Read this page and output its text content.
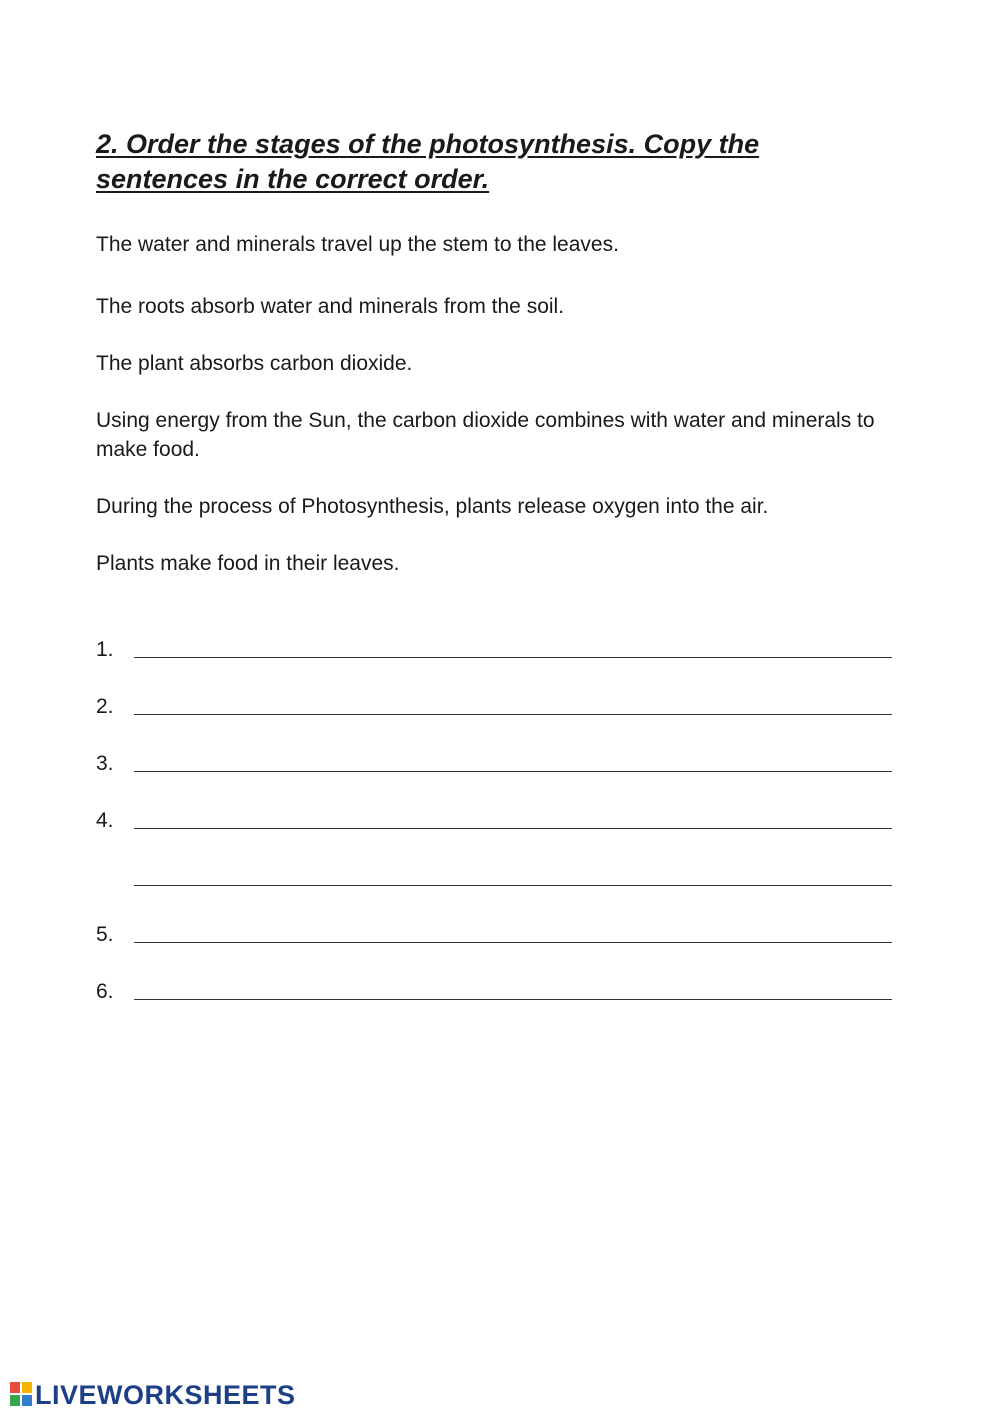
2. Order the stages of the photosynthesis. Copy the sentences in the correct order.

The water and minerals travel up the stem to the leaves.

The roots absorb water and minerals from the soil.

The plant absorbs carbon dioxide.

Using energy from the Sun, the carbon dioxide combines with water and minerals to make food.

During the process of Photosynthesis, plants release oxygen into the air.

Plants make food in their leaves.

1.
2.
3.
4.
5.
6.
LIVEWORKSHEETS
